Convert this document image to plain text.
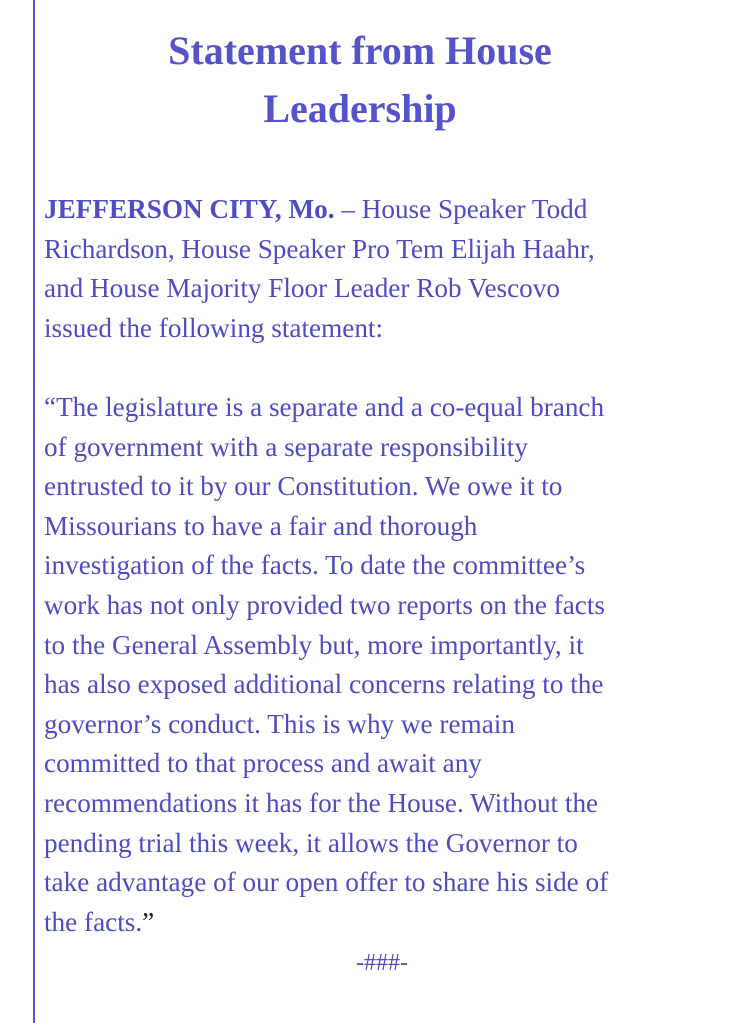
Statement from House
Leadership
JEFFERSON CITY, Mo. – House Speaker Todd
Richardson, House Speaker Pro Tem Elijah Haahr,
and House Majority Floor Leader Rob Vescovo
issued the following statement:
“The legislature is a separate and a co-equal branch
of government with a separate responsibility
entrusted to it by our Constitution. We owe it to
Missourians to have a fair and thorough
investigation of the facts. To date the committee’s
work has not only provided two reports on the facts
to the General Assembly but, more importantly, it
has also exposed additional concerns relating to the
governor’s conduct. This is why we remain
committed to that process and await any
recommendations it has for the House. Without the
pending trial this week, it allows the Governor to
take advantage of our open offer to share his side of
the facts.”
-###-
